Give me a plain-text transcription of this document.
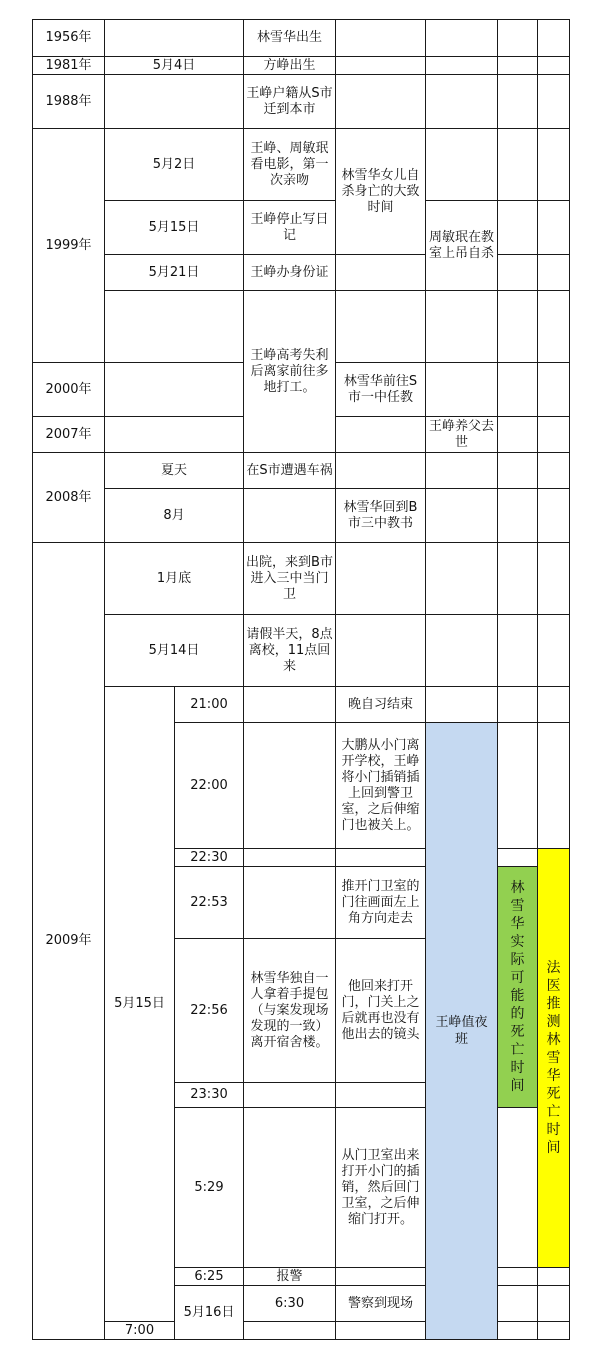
1956年			林雪华出生					
1981年	5月4日		方峥出生					
1988年			王峥户籍从S市迁到本市					
1999年	5月2日		王峥、周敏珉看电影，第一次亲吻	林雪华女儿自杀身亡的大致时间				
	5月15日		王峥停止写日记		周敏珉在教室上吊自杀			
	5月21日		王峥办身份证					
			王峥高考失利后离家前往多地打工。					
2000年				林雪华前往S市一中任教				
2007年					王峥养父去世			
2008年	夏天		在S市遭遇车祸					
	8月			林雪华回到B市三中教书				
2009年	1月底		出院，来到B市进入三中当门卫					
	5月14日		请假半天，8点离校，11点回来					
	5月15日	21:00		晚自习结束				
		22:00		大鹏从小门离开学校，王峥将小门插销插上回到警卫室，之后伸缩门也被关上。	王峥值夜班			
		22:30					法医推测林雪华死亡时间	
		22:53		推开门卫室的门往画面左上角方向走去		林雪华实际可能的死亡时间		
		22:56	林雪华独自一人拿着手提包（与案发现场发现的一致）离开宿舍楼。	他回来打开门，门关上之后就再也没有他出去的镜头				
		23:30						
		5:29		从门卫室出来打开小门的插销，然后回门卫室，之后伸缩门打开。				
		6:25	报警					
		5月16日	6:30	警察到现场				
	7:00							
